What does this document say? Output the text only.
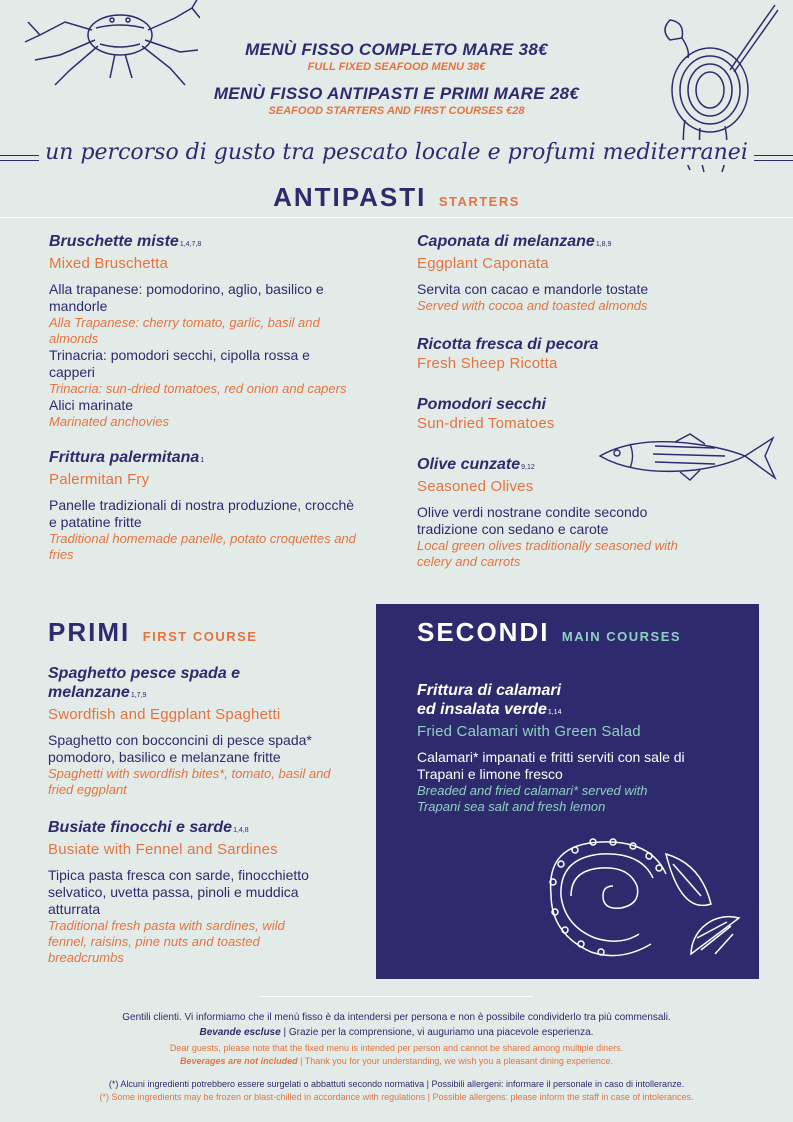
MENÙ FISSO COMPLETO MARE 38€
FULL FIXED SEAFOOD MENU 38€
MENÙ FISSO ANTIPASTI E PRIMI MARE 28€
SEAFOOD STARTERS AND FIRST COURSES €28
un percorso di gusto tra pescato locale e profumi mediterranei
ANTIPASTI STARTERS
Bruschette miste1,4,7,8
Mixed Bruschetta
Alla trapanese: pomodorino, aglio, basilico e mandorle
Alla Trapanese: cherry tomato, garlic, basil and almonds
Trinacria: pomodori secchi, cipolla rossa e capperi
Trinacria: sun-dried tomatoes, red onion and capers
Alici marinate
Marinated anchovies
Frittura palermitana1
Palermitan Fry
Panelle tradizionali di nostra produzione, crocchè e patatine fritte
Traditional homemade panelle, potato croquettes and fries
Caponata di melanzane1,8,9
Eggplant Caponata
Servita con cacao e mandorle tostate
Served with cocoa and toasted almonds
Ricotta fresca di pecora
Fresh Sheep Ricotta
Pomodori secchi
Sun-dried Tomatoes
Olive cunzate9,12
Seasoned Olives
Olive verdi nostrane condite secondo tradizione con sedano e carote
Local green olives traditionally seasoned with celery and carrots
PRIMI FIRST COURSE
Spaghetto pesce spada e
melanzane1,7,9
Swordfish and Eggplant Spaghetti
Spaghetto con bocconcini di pesce spada* pomodoro, basilico e melanzane fritte
Spaghetti with swordfish bites*, tomato, basil and fried eggplant
Busiate finocchi e sarde1,4,8
Busiate with Fennel and Sardines
Tipica pasta fresca con sarde, finocchietto selvatico, uvetta passa, pinoli e muddica atturrata
Traditional fresh pasta with sardines, wild fennel, raisins, pine nuts and toasted breadcrumbs
SECONDI MAIN COURSES
Frittura di calamari
ed insalata verde1,14
Fried Calamari with Green Salad
Calamari* impanati e fritti serviti con sale di Trapani e limone fresco
Breaded and fried calamari* served with Trapani sea salt and fresh lemon
Gentili clienti. Vi informiamo che il menù fisso è da intendersi per persona e non è possibile condividerlo tra più commensali.
Bevande escluse | Grazie per la comprensione, vi auguriamo una piacevole esperienza.
Dear guests, please note that the fixed menu is intended per person and cannot be shared among multiple diners.
Beverages are not included | Thank you for your understanding, we wish you a pleasant dining experience.
(*) Alcuni ingredienti potrebbero essere surgelati o abbattuti secondo normativa | Possibili allergeni: informare il personale in caso di intolleranze.
(*) Some ingredients may be frozen or blast-chilled in accordance with regulations | Possible allergens: please inform the staff in case of intolerances.
